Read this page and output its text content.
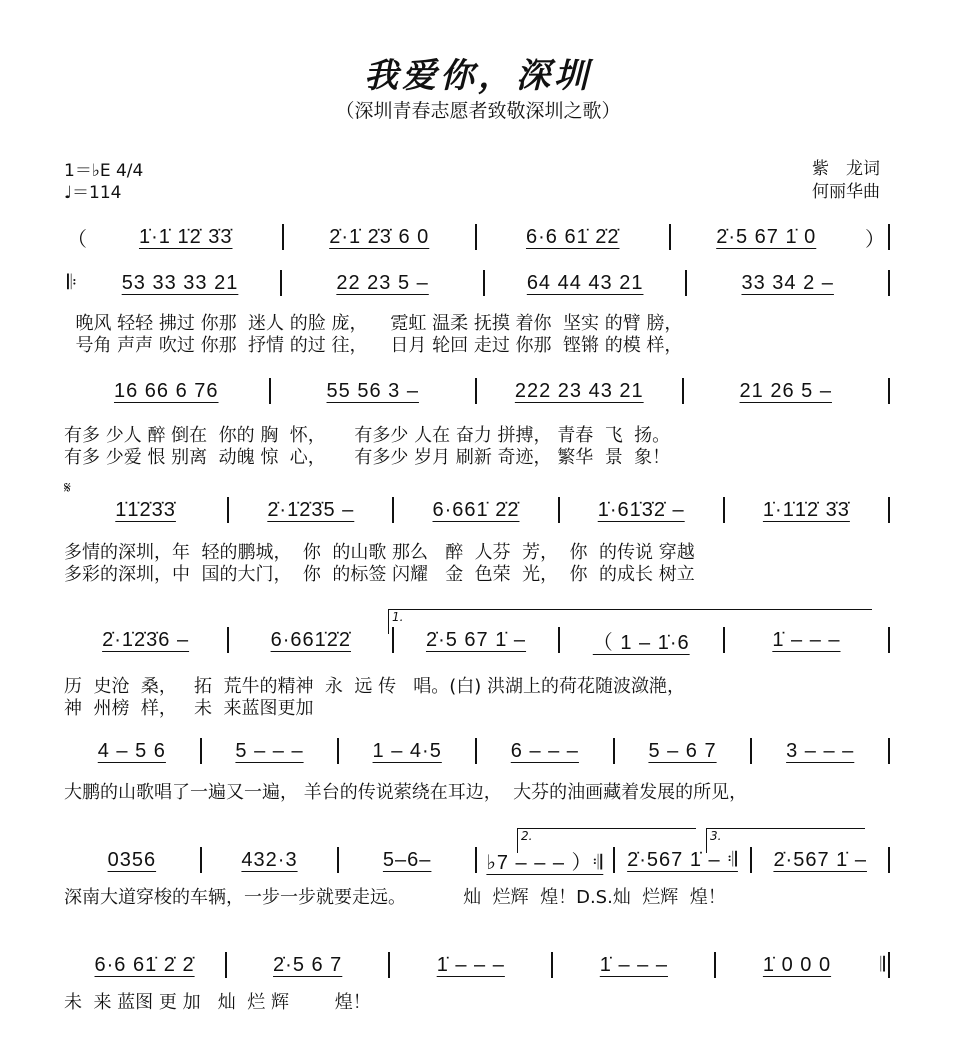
我爱你，深圳
（深圳青春志愿者致敬深圳之歌）
1＝♭E 4/4
♩＝114
紫　龙词
何丽华曲
𝄋
1.
2.	3.
（	1̇·1̇ 1̇2̇ 3̇3̇	2̇·1̇ 2̇3̇ 6 0	6·6 61̇ 2̇2̇	2̇·5 67 1̇ 0	）
𝄆	53 33 33 21	22 23 5 –	64 44 43 21	33 34 2 –
16 66 6 76	55 56 3 –	222 23 43 21	21 26 5 –
1̇1̇2̇3̇3̇	2̇·1̇2̇3̇5 –	6·661̇ 2̇2̇	1̇·61̇3̇2̇ –	1̇·1̇1̇2̇ 3̇3̇
2̇·1̇2̇3̇6 –	6·661̇2̇2̇	2̇·5 67 1̇ –	（ 1 – 1̇·6	1̇ – – –
4 – 5 6	5 – – –	1 – 4·5	6 – – –	5 – 6 7	3 – – –
0356	432·3	5–6–	♭7 – – – ）𝄇	2̇·567 1̇ – 𝄇	2̇·567 1̇ –
6·6 61̇ 2̇ 2̇	2̇·5 6 7	1̇ – – –	1̇ – – –	1̇ 0 0 0	𝄂
晚风 轻轻 拂过 你那  迷人 的脸 庞，    霓虹 温柔 抚摸 着你  坚实 的臂 膀，
号角 声声 吹过 你那  抒情 的过 往，    日月 轮回 走过 你那  铿锵 的模 样，
有多 少人 醉 倒在  你的 胸  怀，     有多少 人在 奋力 拼搏， 青春  飞  扬。
有多 少爱 恨 别离  动魄 惊  心，     有多少 岁月 刷新 奇迹， 繁华  景  象！
多情的深圳，年  轻的鹏城，  你  的山歌 那么   醉  人芬  芳，  你  的传说 穿越
多彩的深圳，中  国的大门，  你  的标签 闪耀   金  色荣  光，  你  的成长 树立
历  史沧  桑，   拓  荒牛的精神  永  远 传   唱。(白) 洪湖上的荷花随波潋滟，
神  州榜  样，   未  来蓝图更加
大鹏的山歌唱了一遍又一遍， 羊台的传说萦绕在耳边，  大芬的油画藏着发展的所见，
深南大道穿梭的车辆，一步一步就要走远。          灿  烂辉  煌！D.S.灿  烂辉  煌！
未  来 蓝图 更 加   灿  烂 辉        煌！
